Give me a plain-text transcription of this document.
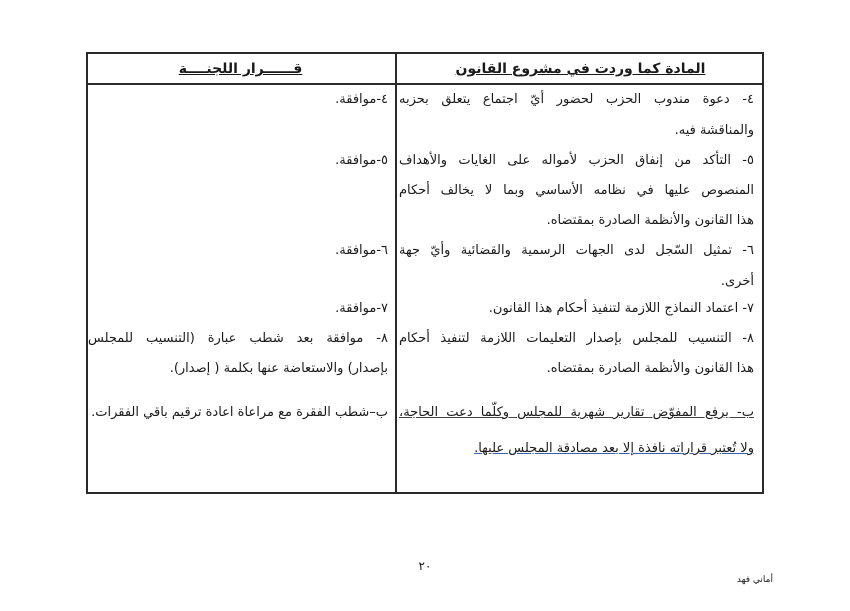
المادة كما وردت في مشروع القانون
قــــــرار اللجنــــة
٤- دعوة مندوب الحزب لحضور أيّ اجتماع يتعلق بحزبه
والمناقشة فيه.
٤-موافقة.
٥- التأكد من إنفاق الحزب لأمواله على الغايات والأهداف
المنصوص عليها في نظامه الأساسي وبما لا يخالف أحكام
هذا القانون والأنظمة الصادرة بمقتضاه.
٥-موافقة.
٦- تمثيل السّجل لدى الجهات الرسمية والقضائية وأيّ جهة
أخرى.
٦-موافقة.
٧- اعتماد النماذج اللازمة لتنفيذ أحكام هذا القانون.
٧-موافقة.
٨- التنسيب للمجلس بإصدار التعليمات اللازمة لتنفيذ أحكام
هذا القانون والأنظمة الصادرة بمقتضاه.
٨- موافقة بعد شطب عبارة (التنسيب للمجلس
بإصدار) والاستعاضة عنها بكلمة ( إصدار).
ب- يرفع المفوّض تقارير شهرية للمجلس وكلّما دعت الحاجة،
ولا تُعتبر قراراته نافذة إلا بعد مصادقة المجلس عليها.
ب–شطب الفقرة مع مراعاة اعادة ترقيم باقي الفقرات.
٢٠
أماني فهد
